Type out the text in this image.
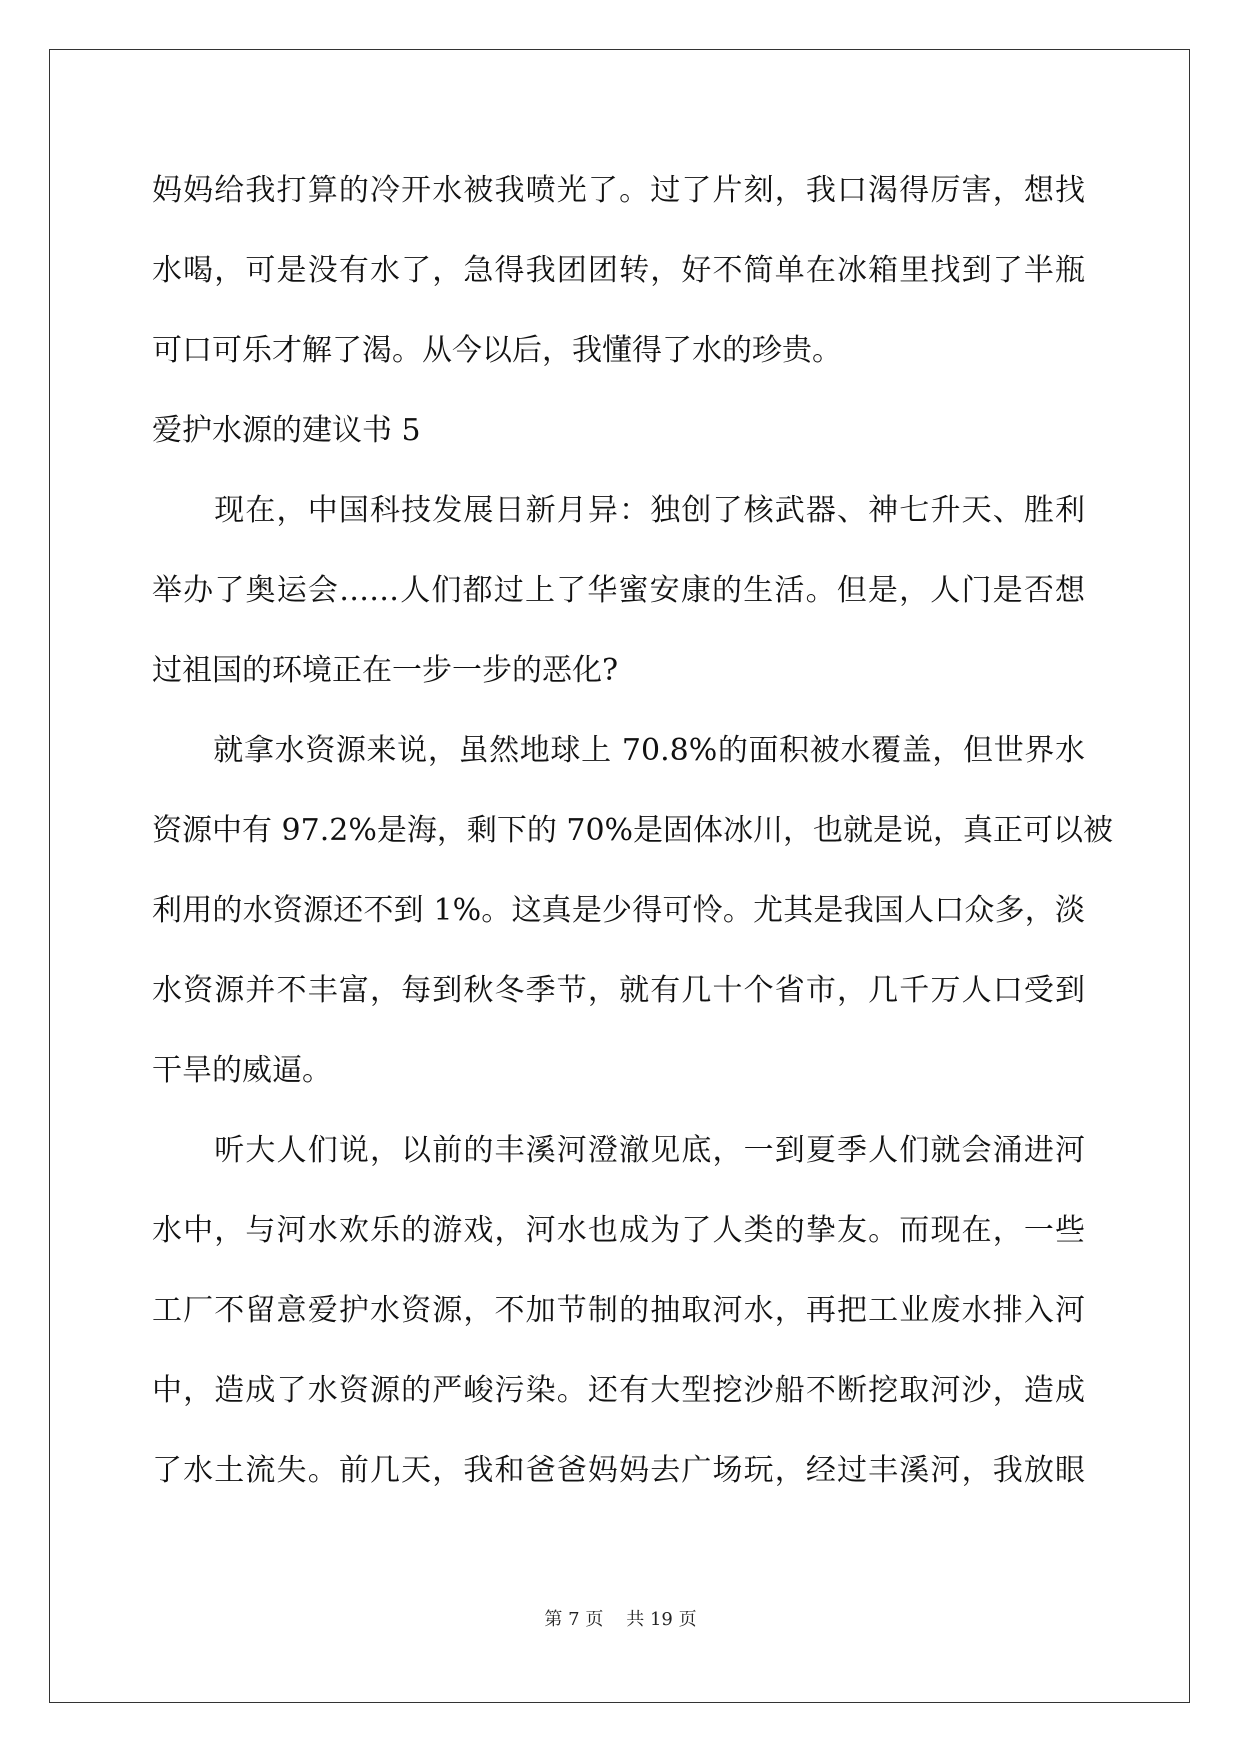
妈妈给我打算的冷开水被我喷光了。过了片刻，我口渴得厉害，想找
水喝，可是没有水了，急得我团团转，好不简单在冰箱里找到了半瓶
可口可乐才解了渴。从今以后，我懂得了水的珍贵。
爱护水源的建议书 5
　　现在，中国科技发展日新月异：独创了核武器、神七升天、胜利
举办了奥运会……人们都过上了华蜜安康的生活。但是，人门是否想
过祖国的环境正在一步一步的恶化?
　　就拿水资源来说，虽然地球上 70.8%的面积被水覆盖，但世界水
资源中有 97.2%是海，剩下的 70%是固体冰川，也就是说，真正可以被
利用的水资源还不到 1%。这真是少得可怜。尤其是我国人口众多，淡
水资源并不丰富，每到秋冬季节，就有几十个省市，几千万人口受到
干旱的威逼。
　　听大人们说，以前的丰溪河澄澈见底，一到夏季人们就会涌进河
水中，与河水欢乐的游戏，河水也成为了人类的挚友。而现在，一些
工厂不留意爱护水资源，不加节制的抽取河水，再把工业废水排入河
中，造成了水资源的严峻污染。还有大型挖沙船不断挖取河沙，造成
了水土流失。前几天，我和爸爸妈妈去广场玩，经过丰溪河，我放眼
第 7 页 共 19 页
